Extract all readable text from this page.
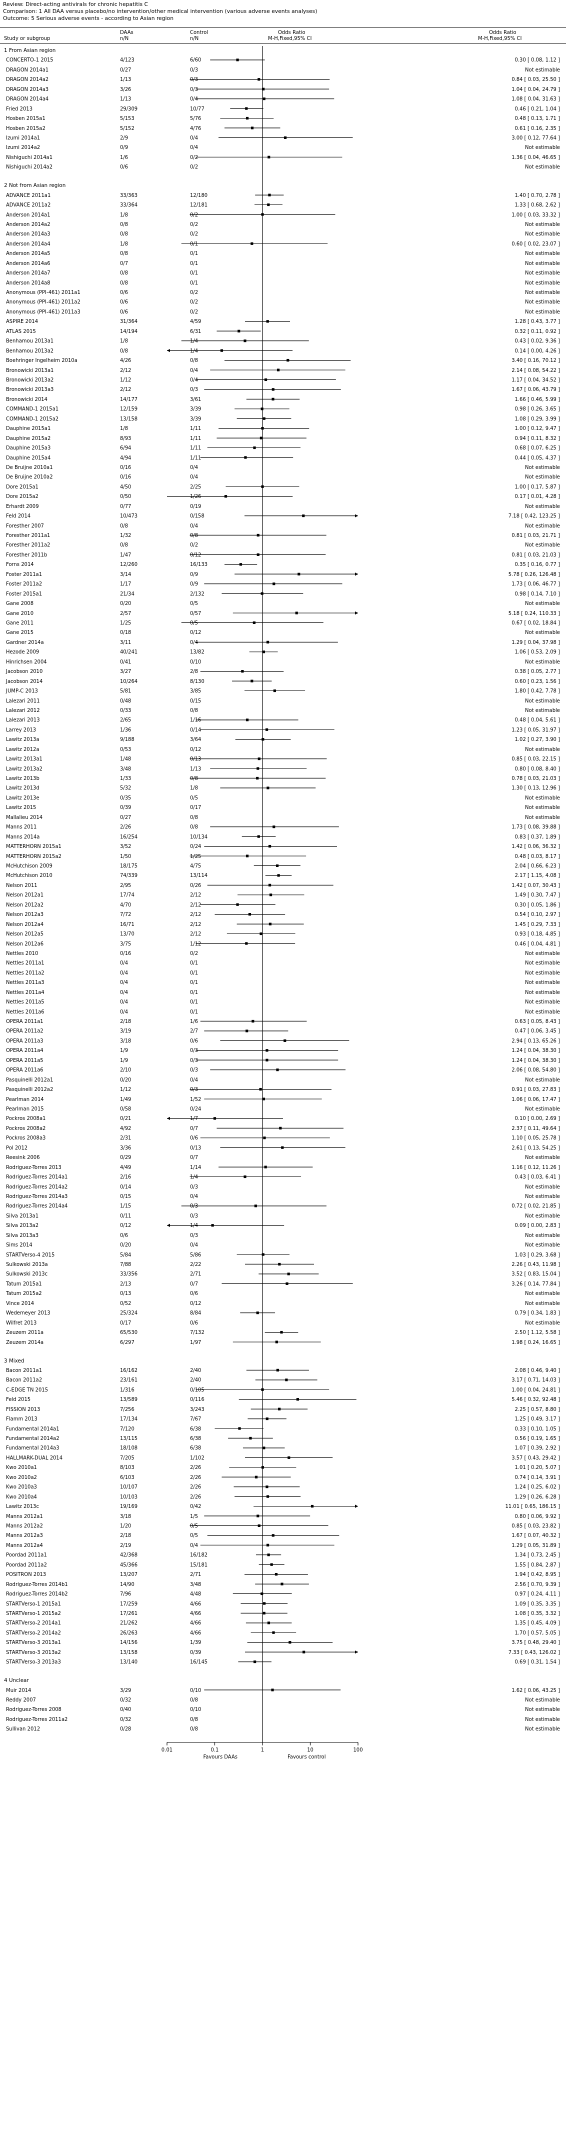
Review: Direct-acting antivirals for chronic hepatitis C
Comparison: 1 All DAA versus placebo/no intervention/other medical intervention (various adverse events analyses)
Outcome: 5 Serious adverse events - according to Asian region
Study or subgroup
DAAs
n/N
Control
n/N
Odds Ratio
M-H,Fixed,95% CI
Odds Ratio
M-H,Fixed,95% CI
1 From Asian region
CONCERTO-1 2015	4/123	6/60	0.30 [ 0.08, 1.12 ]
DRAGON 2014a1	0/27	0/3	Not estimable
DRAGON 2014a2	1/13	0/3	0.84 [ 0.03, 25.50 ]
DRAGON 2014a3	3/26	0/3	1.04 [ 0.04, 24.79 ]
DRAGON 2014a4	1/13	0/4	1.08 [ 0.04, 31.63 ]
Fried 2013	29/309	10/77	0.46 [ 0.21, 1.04 ]
Hosben 2015a1	5/153	5/76	0.48 [ 0.13, 1.71 ]
Hosben 2015a2	5/152	4/76	0.61 [ 0.16, 2.35 ]
Izumi 2014a1	2/9	0/4	3.00 [ 0.12, 77.64 ]
Izumi 2014a2	0/9	0/4	Not estimable
Nishiguchi 2014a1	1/6	0/2	1.36 [ 0.04, 46.65 ]
Nishiguchi 2014a2	0/6	0/2	Not estimable
2 Not from Asian region
ADVANCE 2011a1	33/363	12/180	1.40 [ 0.70, 2.78 ]
ADVANCE 2011a2	33/364	12/181	1.33 [ 0.68, 2.62 ]
Anderson 2014a1	1/8	0/2	1.00 [ 0.03, 33.32 ]
Anderson 2014a2	0/8	0/2	Not estimable
Anderson 2014a3	0/8	0/2	Not estimable
Anderson 2014a4	1/8	0/1	0.60 [ 0.02, 23.07 ]
Anderson 2014a5	0/8	0/1	Not estimable
Anderson 2014a6	0/7	0/1	Not estimable
Anderson 2014a7	0/8	0/1	Not estimable
Anderson 2014a8	0/8	0/1	Not estimable
Anonymous (PPI-461) 2011a1	0/6	0/2	Not estimable
Anonymous (PPI-461) 2011a2	0/6	0/2	Not estimable
Anonymous (PPI-461) 2011a3	0/6	0/2	Not estimable
ASPIRE 2014	31/364	4/59	1.28 [ 0.43, 3.77 ]
ATLAS 2015	14/194	6/31	0.32 [ 0.11, 0.92 ]
Benhamou 2013a1	1/8	1/4	0.43 [ 0.02, 9.36 ]
Benhamou 2013a2	0/8	1/4	0.14 [ 0.00, 4.26 ]
Boehringer Ingelheim 2010a	4/26	0/8	3.40 [ 0.16, 70.12 ]
Bronowicki 2013a1	2/12	0/4	2.14 [ 0.08, 54.22 ]
Bronowicki 2013a2	1/12	0/4	1.17 [ 0.04, 34.52 ]
Bronowicki 2013a3	2/12	0/3	1.67 [ 0.06, 43.79 ]
Bronowicki 2014	14/177	3/61	1.66 [ 0.46, 5.99 ]
COMMAND-1 2015a1	12/159	3/39	0.98 [ 0.26, 3.65 ]
COMMAND-1 2015a2	13/158	3/39	1.08 [ 0.29, 3.99 ]
Dauphine 2015a1	1/8	1/11	1.00 [ 0.12, 9.47 ]
Dauphine 2015a2	8/93	1/11	0.94 [ 0.11, 8.32 ]
Dauphine 2015a3	6/94	1/11	0.68 [ 0.07, 6.25 ]
Dauphine 2015a4	4/94	1/11	0.44 [ 0.05, 4.37 ]
De Bruijne 2010a1	0/16	0/4	Not estimable
De Bruijne 2010a2	0/16	0/4	Not estimable
Dore 2015a1	4/50	2/25	1.00 [ 0.17, 5.87 ]
Dore 2015a2	0/50	1/26	0.17 [ 0.01, 4.28 ]
Erhardt 2009	0/77	0/19	Not estimable
Feld 2014	10/473	0/158	7.18 [ 0.42, 123.25 ]
Foresther 2007	0/8	0/4	Not estimable
Foresther 2011a1	1/32	0/8	0.81 [ 0.03, 21.71 ]
Foresther 2011a2	0/8	0/2	Not estimable
Foresther 2011b	1/47	0/12	0.81 [ 0.03, 21.03 ]
Forns 2014	12/260	16/133	0.35 [ 0.16, 0.77 ]
Foster 2011a1	3/14	0/9	5.78 [ 0.26, 126.48 ]
Foster 2011a2	1/17	0/9	1.73 [ 0.06, 46.77 ]
Foster 2015a1	21/34	2/132	0.98 [ 0.14, 7.10 ]
Gane 2008	0/20	0/5	Not estimable
Gane 2010	2/57	0/57	5.18 [ 0.24, 110.33 ]
Gane 2011	1/25	0/5	0.67 [ 0.02, 18.84 ]
Gane 2015	0/18	0/12	Not estimable
Gardner 2014a	3/11	0/4	1.29 [ 0.04, 37.98 ]
Hezode 2009	40/241	13/82	1.06 [ 0.53, 2.09 ]
Hinrichsen 2004	0/41	0/10	Not estimable
Jacobson 2010	3/27	2/8	0.38 [ 0.05, 2.77 ]
Jacobson 2014	10/264	8/130	0.60 [ 0.23, 1.56 ]
JUMP-C 2013	5/81	3/85	1.80 [ 0.42, 7.78 ]
Lalezari 2011	0/48	0/15	Not estimable
Lalezari 2012	0/33	0/8	Not estimable
Lalezari 2013	2/65	1/16	0.48 [ 0.04, 5.61 ]
Larrey 2013	1/36	0/14	1.23 [ 0.05, 31.97 ]
Lawitz 2013a	9/188	3/64	1.02 [ 0.27, 3.90 ]
Lawitz 2012a	0/53	0/12	Not estimable
Lawitz 2013a1	1/48	0/13	0.85 [ 0.03, 22.15 ]
Lawitz 2013a2	3/48	1/13	0.80 [ 0.08, 8.40 ]
Lawitz 2013b	1/33	0/8	0.78 [ 0.03, 21.03 ]
Lawitz 2013d	5/32	1/8	1.30 [ 0.13, 12.96 ]
Lawitz 2013e	0/35	0/5	Not estimable
Lawitz 2015	0/39	0/17	Not estimable
Mallalieu 2014	0/27	0/8	Not estimable
Manns 2011	2/26	0/8	1.73 [ 0.08, 39.88 ]
Manns 2014a	16/254	10/134	0.83 [ 0.37, 1.89 ]
MATTERHORN 2015a1	3/52	0/24	1.42 [ 0.06, 36.32 ]
MATTERHORN 2015a2	1/50	1/25	0.48 [ 0.03, 8.17 ]
McHutchison 2009	18/175	4/75	2.04 [ 0.66, 6.23 ]
McHutchison 2010	74/339	13/114	2.17 [ 1.15, 4.08 ]
Nelson 2011	2/95	0/26	1.42 [ 0.07, 30.43 ]
Nelson 2012a1	17/74	2/12	1.49 [ 0.30, 7.47 ]
Nelson 2012a2	4/70	2/12	0.30 [ 0.05, 1.86 ]
Nelson 2012a3	7/72	2/12	0.54 [ 0.10, 2.97 ]
Nelson 2012a4	16/71	2/12	1.45 [ 0.29, 7.33 ]
Nelson 2012a5	13/70	2/12	0.93 [ 0.18, 4.85 ]
Nelson 2012a6	3/75	1/12	0.46 [ 0.04, 4.81 ]
Nettles 2010	0/16	0/2	Not estimable
Nettles 2011a1	0/4	0/1	Not estimable
Nettles 2011a2	0/4	0/1	Not estimable
Nettles 2011a3	0/4	0/1	Not estimable
Nettles 2011a4	0/4	0/1	Not estimable
Nettles 2011a5	0/4	0/1	Not estimable
Nettles 2011a6	0/4	0/1	Not estimable
OPERA 2011a1	2/18	1/6	0.63 [ 0.05, 8.43 ]
OPERA 2011a2	3/19	2/7	0.47 [ 0.06, 3.45 ]
OPERA 2011a3	3/18	0/6	2.94 [ 0.13, 65.26 ]
OPERA 2011a4	1/9	0/3	1.24 [ 0.04, 38.30 ]
OPERA 2011a5	1/9	0/3	1.24 [ 0.04, 38.30 ]
OPERA 2011a6	2/10	0/3	2.06 [ 0.08, 54.80 ]
Pasquinelli 2012a1	0/20	0/4	Not estimable
Pasquinelli 2012a2	1/12	0/3	0.91 [ 0.03, 27.83 ]
Pearlman 2014	1/49	1/52	1.06 [ 0.06, 17.47 ]
Pearlman 2015	0/58	0/24	Not estimable
Pockros 2008a1	0/21	1/7	0.10 [ 0.00, 2.69 ]
Pockros 2008a2	4/92	0/7	2.37 [ 0.11, 49.64 ]
Pockros 2008a3	2/31	0/6	1.10 [ 0.05, 25.78 ]
Pol 2012	3/36	0/13	2.61 [ 0.13, 54.25 ]
Reesink 2006	0/29	0/7	Not estimable
Rodriguez-Torres 2013	4/49	1/14	1.16 [ 0.12, 11.26 ]
Rodriguez-Torres 2014a1	2/16	1/4	0.43 [ 0.03, 6.41 ]
Rodriguez-Torres 2014a2	0/14	0/3	Not estimable
Rodriguez-Torres 2014a3	0/15	0/4	Not estimable
Rodriguez-Torres 2014a4	1/15	0/3	0.72 [ 0.02, 21.85 ]
Silva 2013a1	0/11	0/3	Not estimable
Silva 2013a2	0/12	1/4	0.09 [ 0.00, 2.83 ]
Silva 2013a3	0/6	0/3	Not estimable
Sims 2014	0/20	0/4	Not estimable
STARTVerso-4 2015	5/84	5/86	1.03 [ 0.29, 3.68 ]
Sulkowski 2013a	7/88	2/22	2.26 [ 0.43, 11.98 ]
Sulkowski 2013c	33/356	2/71	3.52 [ 0.83, 15.04 ]
Tatum 2015a1	2/13	0/7	3.26 [ 0.14, 77.84 ]
Tatum 2015a2	0/13	0/6	Not estimable
Vince 2014	0/52	0/12	Not estimable
Wedemeyer 2013	25/324	8/84	0.79 [ 0.34, 1.83 ]
Wilfret 2013	0/17	0/6	Not estimable
Zeuzem 2011a	65/530	7/132	2.50 [ 1.12, 5.58 ]
Zeuzem 2014a	6/297	1/97	1.98 [ 0.24, 16.65 ]
3 Mixed
Bacon 2011a1	16/162	2/40	2.08 [ 0.46, 9.40 ]
Bacon 2011a2	23/161	2/40	3.17 [ 0.71, 14.03 ]
C-EDGE TN 2015	1/316	0/105	1.00 [ 0.04, 24.81 ]
Feld 2015	13/589	0/116	5.46 [ 0.32, 92.48 ]
FISSION 2013	7/256	3/243	2.25 [ 0.57, 8.80 ]
Flamm 2013	17/134	7/67	1.25 [ 0.49, 3.17 ]
Fundamental 2014a1	7/120	6/38	0.33 [ 0.10, 1.05 ]
Fundamental 2014a2	13/115	6/38	0.56 [ 0.19, 1.65 ]
Fundamental 2014a3	18/108	6/38	1.07 [ 0.39, 2.92 ]
HALLMARK-DUAL 2014	7/205	1/102	3.57 [ 0.43, 29.42 ]
Kwo 2010a1	8/103	2/26	1.01 [ 0.20, 5.07 ]
Kwo 2010a2	6/103	2/26	0.74 [ 0.14, 3.91 ]
Kwo 2010a3	10/107	2/26	1.24 [ 0.25, 6.02 ]
Kwo 2010a4	10/103	2/26	1.29 [ 0.26, 6.28 ]
Lawitz 2013c	19/169	0/42	11.01 [ 0.65, 186.15 ]
Manns 2012a1	3/18	1/5	0.80 [ 0.06, 9.92 ]
Manns 2012a2	1/20	0/5	0.85 [ 0.03, 23.82 ]
Manns 2012a3	2/18	0/5	1.67 [ 0.07, 40.32 ]
Manns 2012a4	2/19	0/4	1.29 [ 0.05, 31.89 ]
Poordad 2011a1	42/368	16/182	1.34 [ 0.73, 2.45 ]
Poordad 2011a2	45/366	15/181	1.55 [ 0.84, 2.87 ]
POSITRON 2013	13/207	2/71	1.94 [ 0.42, 8.95 ]
Rodriguez-Torres 2014b1	14/90	3/48	2.56 [ 0.70, 9.39 ]
Rodriguez-Torres 2014b2	7/96	4/48	0.97 [ 0.24, 4.11 ]
STARTVerso-1 2015a1	17/259	4/66	1.09 [ 0.35, 3.35 ]
STARTVerso-1 2015a2	17/261	4/66	1.08 [ 0.35, 3.32 ]
STARTVerso-2 2014a1	21/262	4/66	1.35 [ 0.45, 4.09 ]
STARTVerso-2 2014a2	26/263	4/66	1.70 [ 0.57, 5.05 ]
STARTVerso-3 2013a1	14/156	1/39	3.75 [ 0.48, 29.40 ]
STARTVerso-3 2013a2	13/158	0/39	7.33 [ 0.43, 126.02 ]
STARTVerso-3 2013a3	13/140	16/145	0.69 [ 0.31, 1.54 ]
4 Unclear
Muir 2014	3/29	0/10	1.62 [ 0.06, 43.25 ]
Reddy 2007	0/32	0/8	Not estimable
Rodriguez-Torres 2008	0/40	0/10	Not estimable
Rodriguez-Torres 2011a2	0/32	0/8	Not estimable
Sullivan 2012	0/28	0/8	Not estimable
0.01	0.1	1	10	100
Favours DAAs	Favours control
